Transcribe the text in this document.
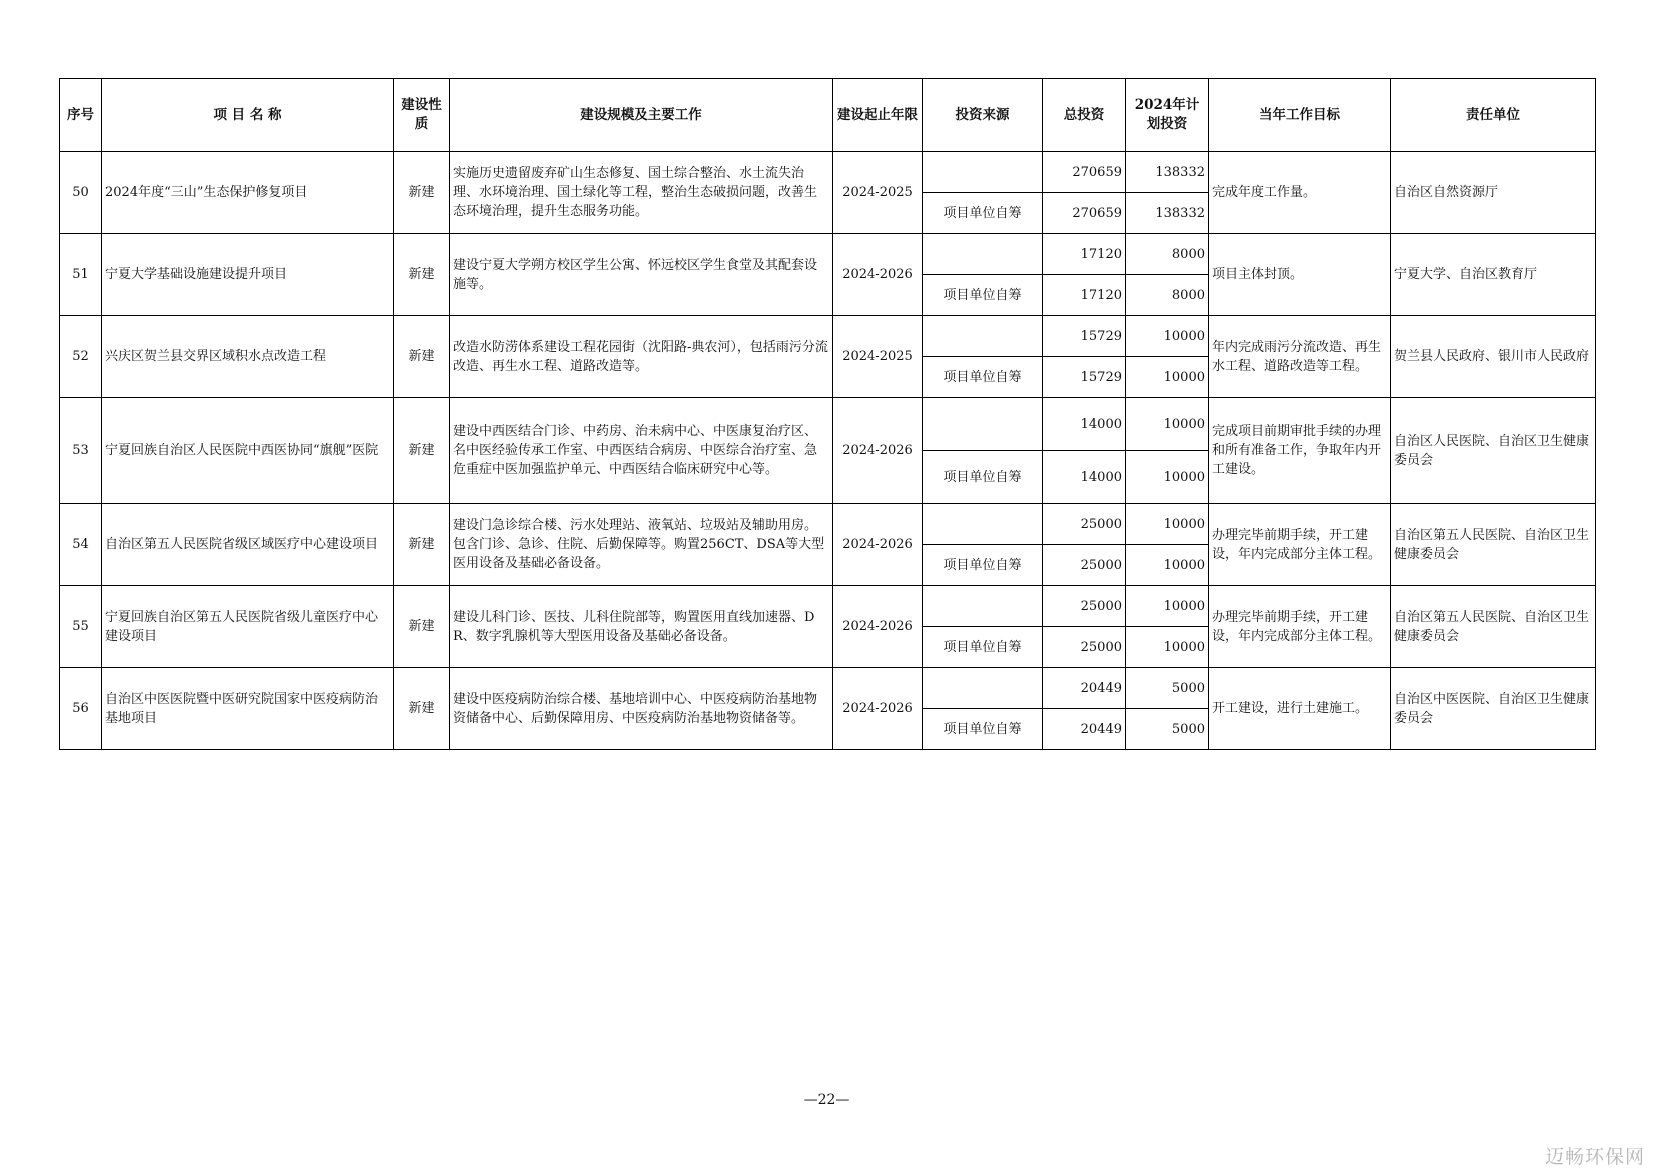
序号	项 目 名 称	建设性质	建设规模及主要工作	建设起止年限	投资来源	总投资	2024年计划投资	当年工作目标	责任单位
50	2024年度“三山”生态保护修复项目	新建	实施历史遗留废弃矿山生态修复、国土综合整治、水土流失治理、水环境治理、国土绿化等工程，整治生态破损问题，改善生态环境治理，提升生态服务功能。	2024-2025		270659	138332	完成年度工作量。	自治区自然资源厅
					项目单位自筹	270659	138332		
51	宁夏大学基础设施建设提升项目	新建	建设宁夏大学朔方校区学生公寓、怀远校区学生食堂及其配套设施等。	2024-2026		17120	8000	项目主体封顶。	宁夏大学、自治区教育厅
					项目单位自筹	17120	8000		
52	兴庆区贺兰县交界区域积水点改造工程	新建	改造水防涝体系建设工程花园街（沈阳路-典农河），包括雨污分流改造、再生水工程、道路改造等。	2024-2025		15729	10000	年内完成雨污分流改造、再生水工程、道路改造等工程。	贺兰县人民政府、银川市人民政府
					项目单位自筹	15729	10000		
53	宁夏回族自治区人民医院中西医协同“旗舰”医院	新建	建设中西医结合门诊、中药房、治未病中心、中医康复治疗区、名中医经验传承工作室、中西医结合病房、中医综合治疗室、急危重症中医加强监护单元、中西医结合临床研究中心等。	2024-2026		14000	10000	完成项目前期审批手续的办理和所有准备工作，争取年内开工建设。	自治区人民医院、自治区卫生健康委员会
					项目单位自筹	14000	10000		
54	自治区第五人民医院省级区域医疗中心建设项目	新建	建设门急诊综合楼、污水处理站、液氧站、垃圾站及辅助用房。包含门诊、急诊、住院、后勤保障等。购置256CT、DSA等大型医用设备及基础必备设备。	2024-2026		25000	10000	办理完毕前期手续，开工建设，年内完成部分主体工程。	自治区第五人民医院、自治区卫生健康委员会
					项目单位自筹	25000	10000		
55	宁夏回族自治区第五人民医院省级儿童医疗中心建设项目	新建	建设儿科门诊、医技、儿科住院部等，购置医用直线加速器、DR、数字乳腺机等大型医用设备及基础必备设备。	2024-2026		25000	10000	办理完毕前期手续，开工建设，年内完成部分主体工程。	自治区第五人民医院、自治区卫生健康委员会
					项目单位自筹	25000	10000		
56	自治区中医医院暨中医研究院国家中医疫病防治基地项目	新建	建设中医疫病防治综合楼、基地培训中心、中医疫病防治基地物资储备中心、后勤保障用房、中医疫病防治基地物资储备等。	2024-2026		20449	5000	开工建设，进行土建施工。	自治区中医医院、自治区卫生健康委员会
					项目单位自筹	20449	5000		
—22—
迈畅环保网
